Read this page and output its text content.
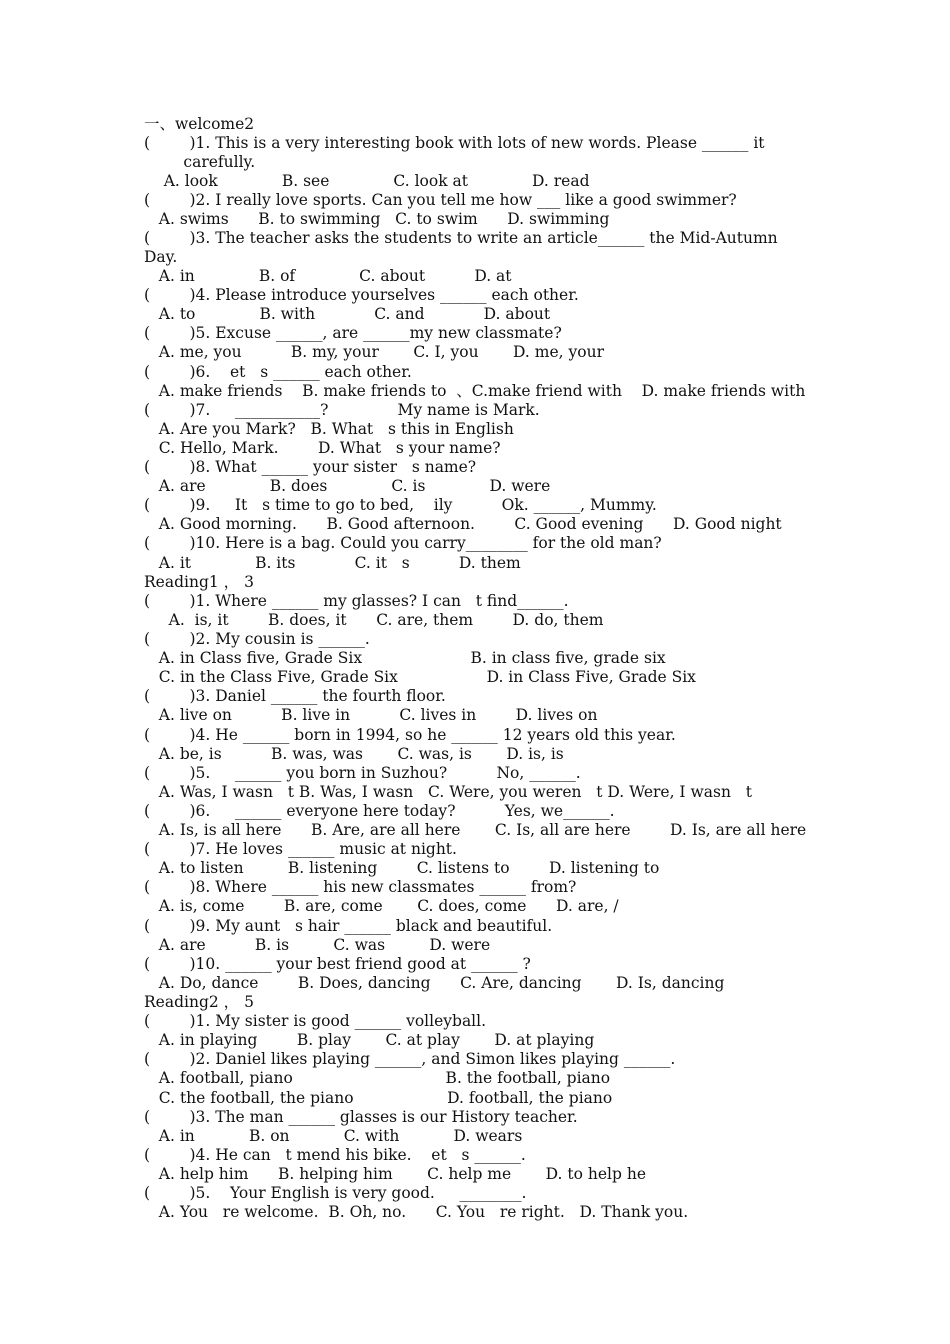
一、welcome2
(        )1. This is a very interesting book with lots of new words. Please ______ it
carefully.
A. look             B. see             C. look at             D. read
(        )2. I really love sports. Can you tell me how ___ like a good swimmer?
A. swims      B. to swimming   C. to swim      D. swimming
(        )3. The teacher asks the students to write an article______ the Mid-Autumn
Day.
A. in             B. of             C. about          D. at
(        )4. Please introduce yourselves ______ each other.
A. to             B. with            C. and            D. about
(        )5. Excuse ______, are ______my new classmate?
A. me, you          B. my, your       C. I, you       D. me, your
(        )6.    et   s ______ each other.
A. make friends    B. make friends to  、C.make friend with    D. make friends with
(        )7.     ___________?              My name is Mark.
A. Are you Mark?   B. What   s this in English
C. Hello, Mark.        D. What   s your name?
(        )8. What ______ your sister   s name?
A. are             B. does             C. is             D. were
(        )9.     It   s time to go to bed,    ily          Ok. ______, Mummy.
A. Good morning.      B. Good afternoon.        C. Good evening      D. Good night
(        )10. Here is a bag. Could you carry________ for the old man?
A. it             B. its            C. it   s          D. them
Reading1 ， 3
(        )1. Where ______ my glasses? I can   t find______.
A.  is, it        B. does, it      C. are, them        D. do, them
(        )2. My cousin is ______.
A. in Class five, Grade Six                      B. in class five, grade six
C. in the Class Five, Grade Six                  D. in Class Five, Grade Six
(        )3. Daniel ______ the fourth floor.
A. live on          B. live in          C. lives in        D. lives on
(        )4. He ______ born in 1994, so he ______ 12 years old this year.
A. be, is          B. was, was       C. was, is       D. is, is
(        )5.     ______ you born in Suzhou?          No, ______.
A. Was, I wasn   t B. Was, I wasn   C. Were, you weren   t D. Were, I wasn   t
(        )6.     ______ everyone here today?          Yes, we______.
A. Is, is all here      B. Are, are all here       C. Is, all are here        D. Is, are all here
(        )7. He loves ______ music at night.
A. to listen         B. listening        C. listens to        D. listening to
(        )8. Where ______ his new classmates ______ from?
A. is, come        B. are, come       C. does, come      D. are, /
(        )9. My aunt   s hair ______ black and beautiful.
A. are          B. is         C. was         D. were
(        )10. ______ your best friend good at ______ ?
A. Do, dance        B. Does, dancing      C. Are, dancing       D. Is, dancing
Reading2 ， 5
(        )1. My sister is good ______ volleyball.
A. in playing        B. play       C. at play       D. at playing
(        )2. Daniel likes playing ______, and Simon likes playing ______.
A. football, piano                               B. the football, piano
C. the football, the piano                   D. football, the piano
(        )3. The man ______ glasses is our History teacher.
A. in           B. on           C. with           D. wears
(        )4. He can   t mend his bike.    et   s ______.
A. help him      B. helping him       C. help me       D. to help he
(        )5.    Your English is very good.     ________.
A. You   re welcome.  B. Oh, no.      C. You   re right.   D. Thank you.
